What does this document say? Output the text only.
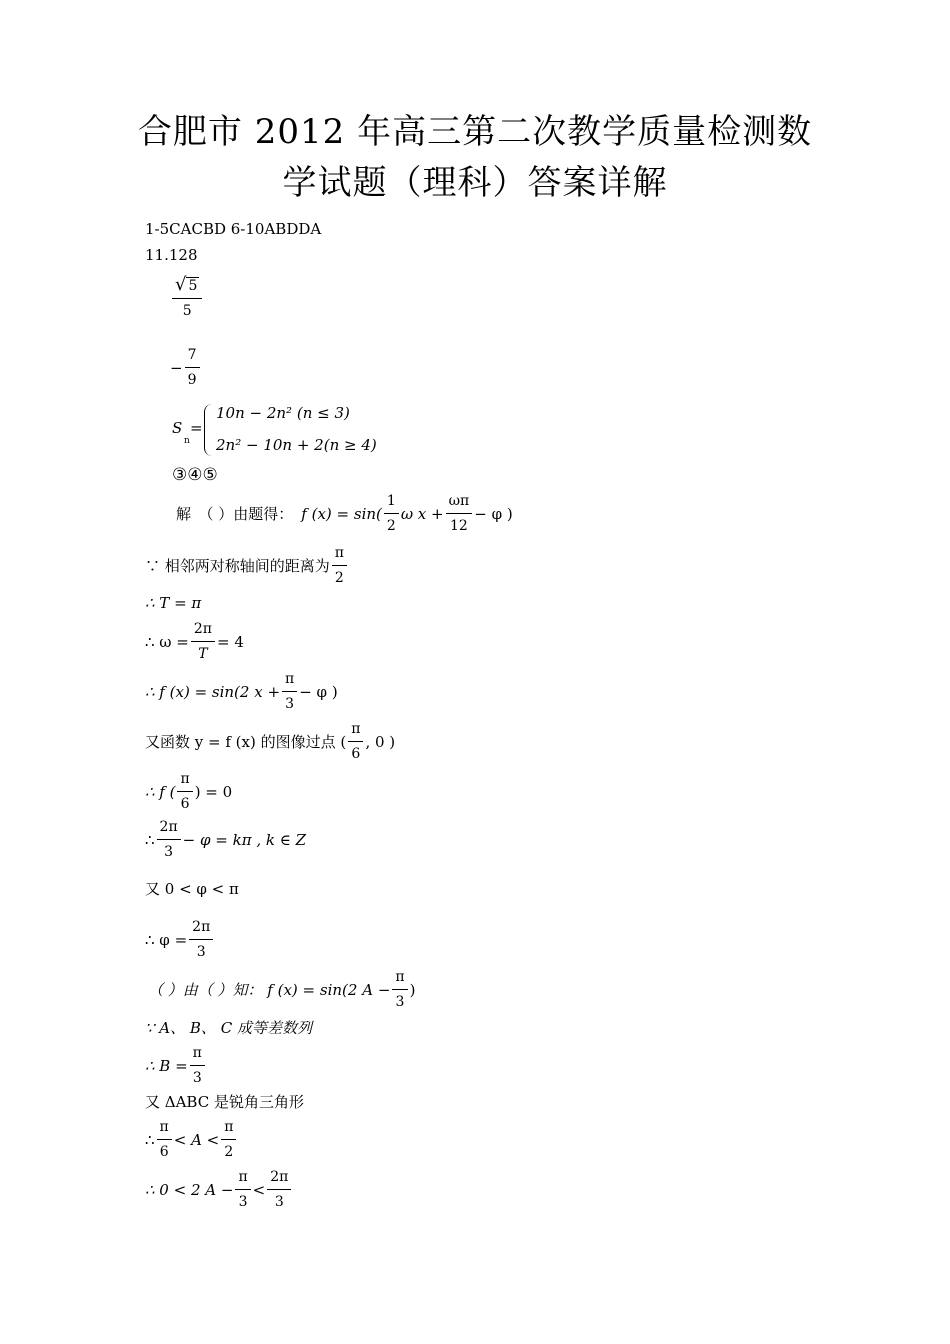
合肥市 2012 年高三第二次教学质量检测数
学试题（理科）答案详解
1-5CACBD 6-10ABDDA
11.128
$\frac{√ 5}{5}$
− $\frac{7}{9}$
S
n
=
10n − 2n² (n ≤ 3)
2n² − 10n + 2(n ≥ 4)
③④⑤
解　（ ）由题得： f $(x) = \sin( \frac{1}{2}$ ω $x + \frac{\omega\pi}{12} - \varphi$ )
∵ 相邻两对称轴间的距离为 $\frac{\pi}{2}$
∴ T = π
∴ $\omega = \frac{2\pi}{T} = 4$
∴ f (x) = sin(2 $x + \frac{\pi}{3} - \varphi$ )
又函数 y = f (x) 的图像过点 ( $\frac{\pi}{6}$ , 0 )
∴ f ( $\frac{\pi}{6}$ ) = 0
∴ $\frac{2\pi}{3} - \varphi = k\pi$ , k ∈ Z
又 0 < φ < π
∴ $\varphi = \frac{2\pi}{3}$
（ ）由（ ）知： f (x) = sin(2 $A - \frac{\pi}{3}$ )
∵ A、 B、 C 成等差数列
∴ $B = \frac{\pi}{3}$
又 ΔABC 是锐角三角形
∴ $\frac{\pi}{6} < A < \frac{\pi}{2}$
∴ 0 < 2 $A - \frac{\pi}{3} < \frac{2\pi}{3}$
